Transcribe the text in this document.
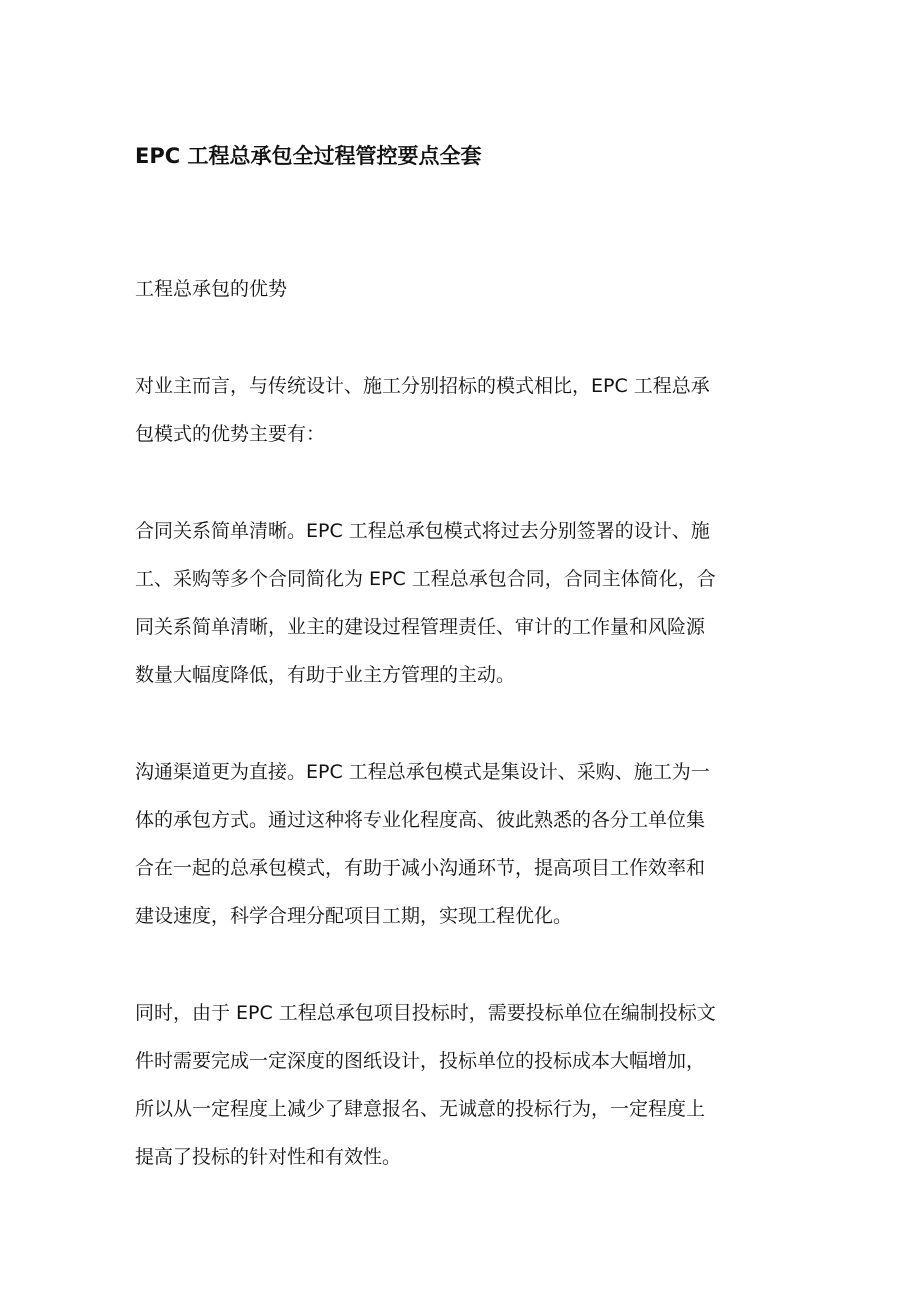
EPC 工程总承包全过程管控要点全套
工程总承包的优势
对业主而言，与传统设计、施工分别招标的模式相比，EPC 工程总承
包模式的优势主要有：
合同关系简单清晰。EPC 工程总承包模式将过去分别签署的设计、施
工、采购等多个合同简化为 EPC 工程总承包合同，合同主体简化，合
同关系简单清晰，业主的建设过程管理责任、审计的工作量和风险源
数量大幅度降低，有助于业主方管理的主动。
沟通渠道更为直接。EPC 工程总承包模式是集设计、采购、施工为一
体的承包方式。通过这种将专业化程度高、彼此熟悉的各分工单位集
合在一起的总承包模式，有助于减小沟通环节，提高项目工作效率和
建设速度，科学合理分配项目工期，实现工程优化。
同时，由于 EPC 工程总承包项目投标时，需要投标单位在编制投标文
件时需要完成一定深度的图纸设计，投标单位的投标成本大幅增加，
所以从一定程度上减少了肆意报名、无诚意的投标行为，一定程度上
提高了投标的针对性和有效性。
